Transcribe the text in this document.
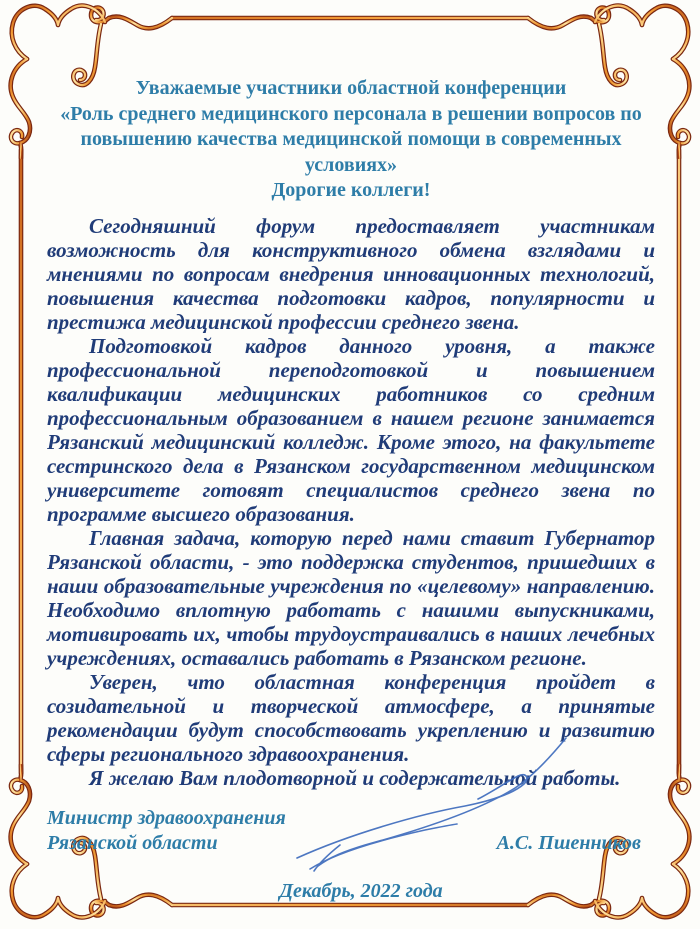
Уважаемые участники областной конференции
«Роль среднего медицинского персонала в решении вопросов по повышению качества медицинской помощи в современных условиях»
Дорогие коллеги!

Сегодняшний форум предоставляет участникам возможность для конструктивного обмена взглядами и мнениями по вопросам внедрения инновационных технологий, повышения качества подготовки кадров, популярности и престижа медицинской профессии среднего звена.

Подготовкой кадров данного уровня, а также профессиональной переподготовкой и повышением квалификации медицинских работников со средним профессиональным образованием в нашем регионе занимается Рязанский медицинский колледж. Кроме этого, на факультете сестринского дела в Рязанском государственном медицинском университете готовят специалистов среднего звена по программе высшего образования.

Главная задача, которую перед нами ставит Губернатор Рязанской области, - это поддержка студентов, пришедших в наши образовательные учреждения по «целевому» направлению. Необходимо вплотную работать с нашими выпускниками, мотивировать их, чтобы трудоустраивались в наших лечебных учреждениях, оставались работать в Рязанском регионе.

Уверен, что областная конференция пройдет в созидательной и творческой атмосфере, а принятые рекомендации будут способствовать укреплению и развитию сферы регионального здравоохранения.

Я желаю Вам плодотворной и содержательной работы.

Министр здравоохранения
Рязанской области	А.С. Пшенников
Декабрь, 2022 года
